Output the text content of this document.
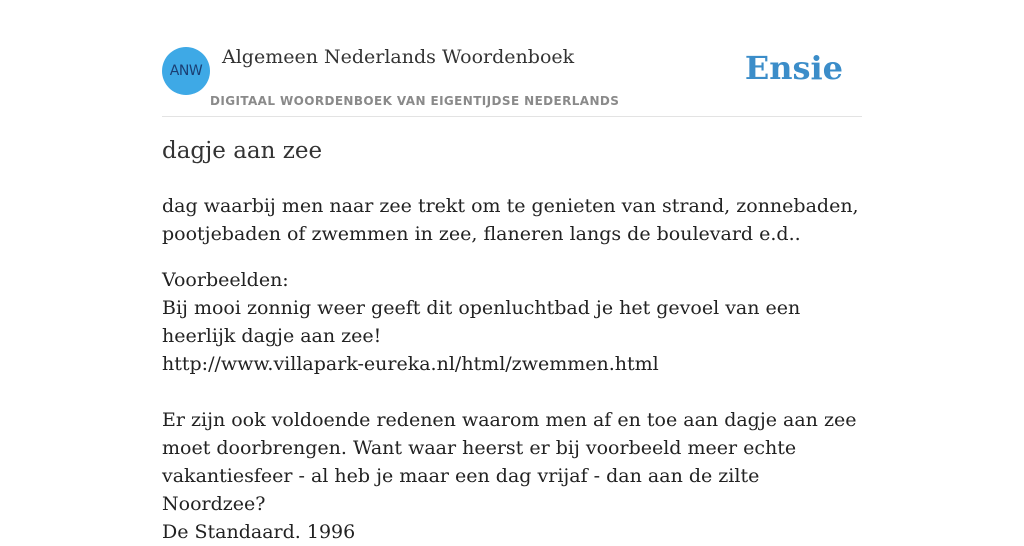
ANW
Algemeen Nederlands Woordenboek
DIGITAAL WOORDENBOEK VAN EIGENTIJDSE NEDERLANDS
Ensie
dagje aan zee

dag waarbij men naar zee trekt om te genieten van strand, zonnebaden, pootjebaden of zwemmen in zee, flaneren langs de boulevard e.d..

Voorbeelden:

Bij mooi zonnig weer geeft dit openluchtbad je het gevoel van een heerlijk dagje aan zee!

http://www.villapark-eureka.nl/html/zwemmen.html

Er zijn ook voldoende redenen waarom men af en toe aan dagje aan zee moet doorbrengen. Want waar heerst er bij voorbeeld meer echte vakantiesfeer - al heb je maar een dag vrijaf - dan aan de zilte Noordzee?

De Standaard. 1996
